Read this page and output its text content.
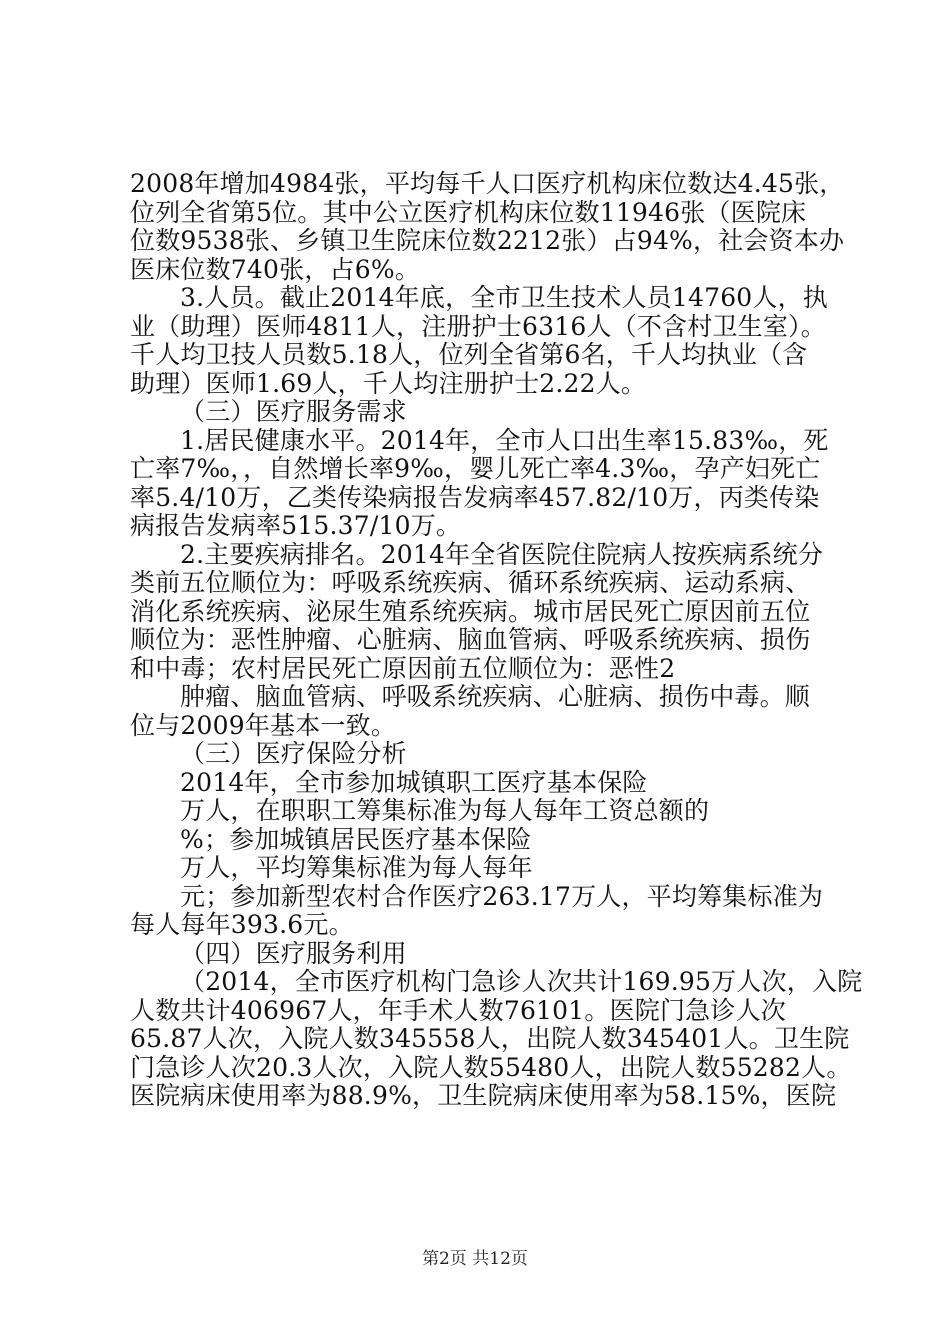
2008年增加4984张，平均每千人口医疗机构床位数达4.45张，
位列全省第5位。其中公立医疗机构床位数11946张（医院床
位数9538张、乡镇卫生院床位数2212张）占94%，社会资本办
医床位数740张，占6%。
3.人员。截止2014年底，全市卫生技术人员14760人，执
业（助理）医师4811人，注册护士6316人（不含村卫生室）。
千人均卫技人员数5.18人，位列全省第6名，千人均执业（含
助理）医师1.69人，千人均注册护士2.22人。
（三）医疗服务需求
1.居民健康水平。2014年，全市人口出生率15.83‰，死
亡率7‰，，自然增长率9‰，婴儿死亡率4.3‰，孕产妇死亡
率5.4/10万，乙类传染病报告发病率457.82/10万，丙类传染
病报告发病率515.37/10万。
2.主要疾病排名。2014年全省医院住院病人按疾病系统分
类前五位顺位为：呼吸系统疾病、循环系统疾病、运动系病、
消化系统疾病、泌尿生殖系统疾病。城市居民死亡原因前五位
顺位为：恶性肿瘤、心脏病、脑血管病、呼吸系统疾病、损伤
和中毒；农村居民死亡原因前五位顺位为：恶性2
肿瘤、脑血管病、呼吸系统疾病、心脏病、损伤中毒。顺
位与2009年基本一致。
（三）医疗保险分析
2014年，全市参加城镇职工医疗基本保险
万人，在职职工筹集标准为每人每年工资总额的
%；参加城镇居民医疗基本保险
万人，平均筹集标准为每人每年
元；参加新型农村合作医疗263.17万人，平均筹集标准为
每人每年393.6元。
（四）医疗服务利用
（2014，全市医疗机构门急诊人次共计169.95万人次，入院
人数共计406967人，年手术人数76101。医院门急诊人次
65.87人次，入院人数345558人，出院人数345401人。卫生院
门急诊人次20.3人次，入院人数55480人，出院人数55282人。
医院病床使用率为88.9%，卫生院病床使用率为58.15%，医院
第2页 共12页
